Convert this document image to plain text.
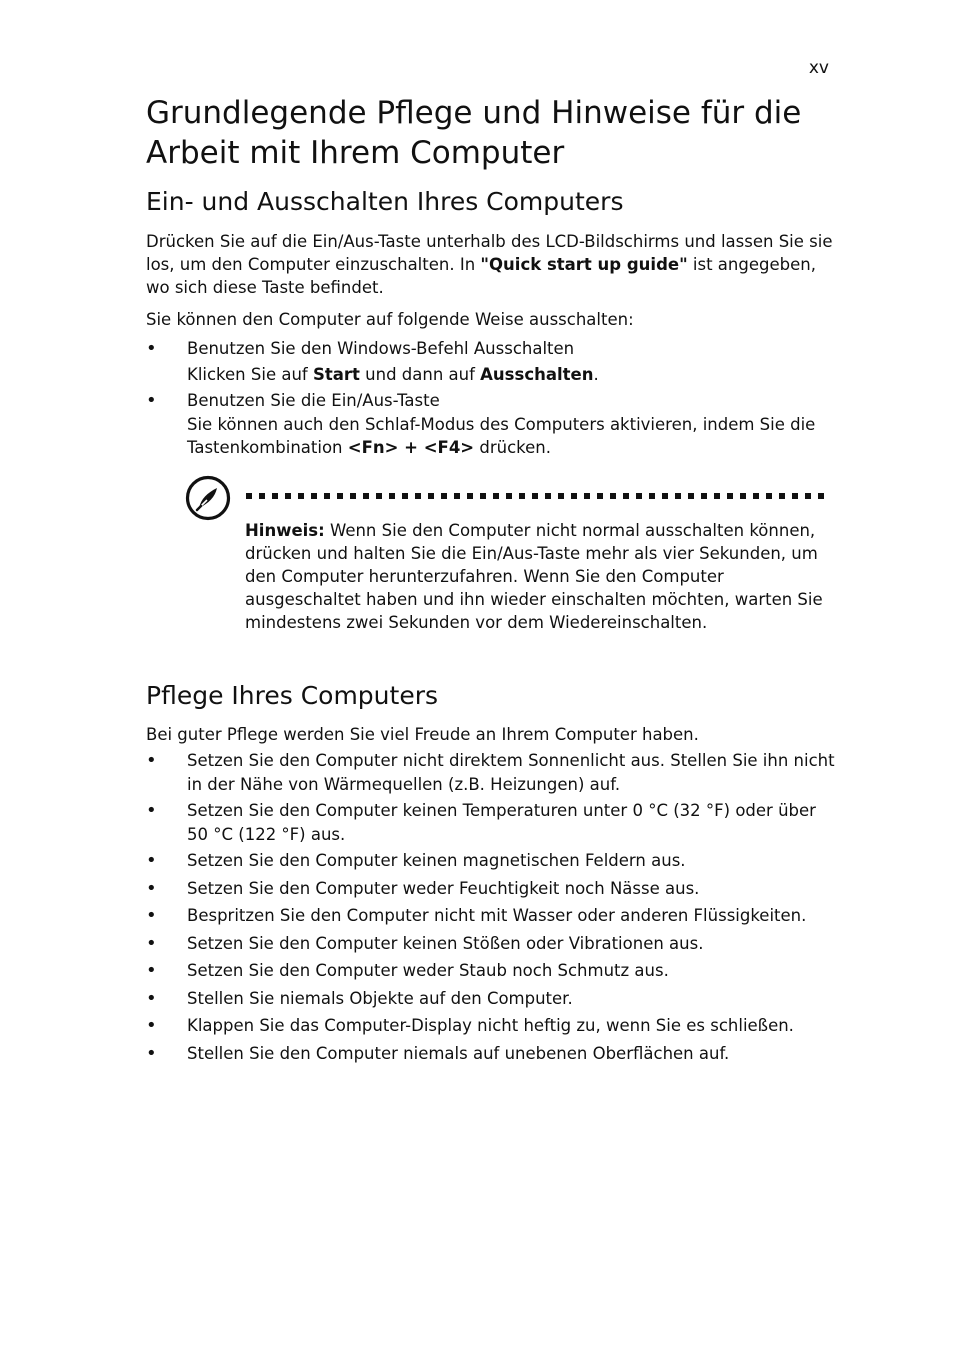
xv
Grundlegende Pflege und Hinweise für die Arbeit mit Ihrem Computer
Ein- und Ausschalten Ihres Computers

Drücken Sie auf die Ein/Aus-Taste unterhalb des LCD-Bildschirms und lassen Sie sie los, um den Computer einzuschalten. In "Quick start up guide" ist angegeben, wo sich diese Taste befindet.

Sie können den Computer auf folgende Weise ausschalten:

• Benutzen Sie den Windows-Befehl Ausschalten
Klicken Sie auf Start und dann auf Ausschalten.
• Benutzen Sie die Ein/Aus-Taste
Sie können auch den Schlaf-Modus des Computers aktivieren, indem Sie die Tastenkombination <Fn> + <F4> drücken.

Hinweis: Wenn Sie den Computer nicht normal ausschalten können, drücken und halten Sie die Ein/Aus-Taste mehr als vier Sekunden, um den Computer herunterzufahren. Wenn Sie den Computer ausgeschaltet haben und ihn wieder einschalten möchten, warten Sie mindestens zwei Sekunden vor dem Wiedereinschalten.

Pflege Ihres Computers

Bei guter Pflege werden Sie viel Freude an Ihrem Computer haben.

• Setzen Sie den Computer nicht direktem Sonnenlicht aus. Stellen Sie ihn nicht in der Nähe von Wärmequellen (z.B. Heizungen) auf.
• Setzen Sie den Computer keinen Temperaturen unter 0 °C (32 °F) oder über 50 °C (122 °F) aus.
• Setzen Sie den Computer keinen magnetischen Feldern aus.
• Setzen Sie den Computer weder Feuchtigkeit noch Nässe aus.
• Bespritzen Sie den Computer nicht mit Wasser oder anderen Flüssigkeiten.
• Setzen Sie den Computer keinen Stößen oder Vibrationen aus.
• Setzen Sie den Computer weder Staub noch Schmutz aus.
• Stellen Sie niemals Objekte auf den Computer.
• Klappen Sie das Computer-Display nicht heftig zu, wenn Sie es schließen.
• Stellen Sie den Computer niemals auf unebenen Oberflächen auf.
